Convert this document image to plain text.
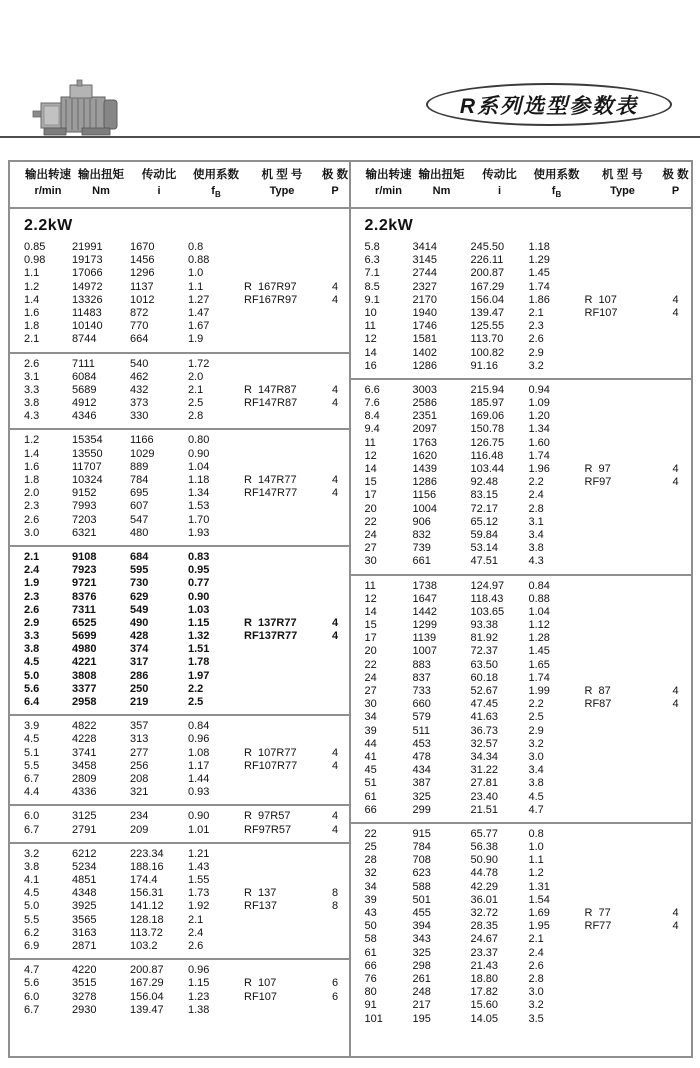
R系列选型参数表
输出转速 输出扭矩	传动比	使用系数	机 型 号	极 数
r/min	Nm	i	$f_B$	Type	P
2.2kW
0.85	21991	1670	0.8
0.98	19173	1456	0.88
1.1	17066	1296	1.0
1.2	14972	1137	1.1	R  167R97	4
1.4	13326	1012	1.27	RF167R97	4
1.6	11483	872	1.47
1.8	10140	770	1.67
2.1	8744	664	1.9
2.6	7111	540	1.72
3.1	6084	462	2.0
3.3	5689	432	2.1	R  147R87	4
3.8	4912	373	2.5	RF147R87	4
4.3	4346	330	2.8
1.2	15354	1166	0.80
1.4	13550	1029	0.90
1.6	11707	889	1.04
1.8	10324	784	1.18	R  147R77	4
2.0	9152	695	1.34	RF147R77	4
2.3	7993	607	1.53
2.6	7203	547	1.70
3.0	6321	480	1.93
2.1	9108	684	0.83
2.4	7923	595	0.95
1.9	9721	730	0.77
2.3	8376	629	0.90
2.6	7311	549	1.03
2.9	6525	490	1.15	R  137R77	4
3.3	5699	428	1.32	RF137R77	4
3.8	4980	374	1.51
4.5	4221	317	1.78
5.0	3808	286	1.97
5.6	3377	250	2.2
6.4	2958	219	2.5
3.9	4822	357	0.84
4.5	4228	313	0.96
5.1	3741	277	1.08	R  107R77	4
5.5	3458	256	1.17	RF107R77	4
6.7	2809	208	1.44
4.4	4336	321	0.93
6.0	3125	234	0.90	R  97R57	4
6.7	2791	209	1.01	RF97R57	4
3.2	6212	223.34	1.21
3.8	5234	188.16	1.43
4.1	4851	174.4	1.55
4.5	4348	156.31	1.73	R  137	8
5.0	3925	141.12	1.92	RF137	8
5.5	3565	128.18	2.1
6.2	3163	113.72	2.4
6.9	2871	103.2	2.6
4.7	4220	200.87	0.96
5.6	3515	167.29	1.15	R  107	6
6.0	3278	156.04	1.23	RF107	6
6.7	2930	139.47	1.38
输出转速 输出扭矩	传动比	使用系数	机 型 号	极 数
r/min	Nm	i	$f_B$	Type	P
2.2kW
5.8	3414	245.50	1.18
6.3	3145	226.11	1.29
7.1	2744	200.87	1.45
8.5	2327	167.29	1.74
9.1	2170	156.04	1.86	R  107	4
10	1940	139.47	2.1	RF107	4
11	1746	125.55	2.3
12	1581	113.70	2.6
14	1402	100.82	2.9
16	1286	91.16	3.2
6.6	3003	215.94	0.94
7.6	2586	185.97	1.09
8.4	2351	169.06	1.20
9.4	2097	150.78	1.34
11	1763	126.75	1.60
12	1620	116.48	1.74
14	1439	103.44	1.96	R  97	4
15	1286	92.48	2.2	RF97	4
17	1156	83.15	2.4
20	1004	72.17	2.8
22	906	65.12	3.1
24	832	59.84	3.4
27	739	53.14	3.8
30	661	47.51	4.3
11	1738	124.97	0.84
12	1647	118.43	0.88
14	1442	103.65	1.04
15	1299	93.38	1.12
17	1139	81.92	1.28
20	1007	72.37	1.45
22	883	63.50	1.65
24	837	60.18	1.74
27	733	52.67	1.99	R  87	4
30	660	47.45	2.2	RF87	4
34	579	41.63	2.5
39	511	36.73	2.9
44	453	32.57	3.2
41	478	34.34	3.0
45	434	31.22	3.4
51	387	27.81	3.8
61	325	23.40	4.5
66	299	21.51	4.7
22	915	65.77	0.8
25	784	56.38	1.0
28	708	50.90	1.1
32	623	44.78	1.2
34	588	42.29	1.31
39	501	36.01	1.54
43	455	32.72	1.69	R  77	4
50	394	28.35	1.95	RF77	4
58	343	24.67	2.1
61	325	23.37	2.4
66	298	21.43	2.6
76	261	18.80	2.8
80	248	17.82	3.0
91	217	15.60	3.2
101	195	14.05	3.5
